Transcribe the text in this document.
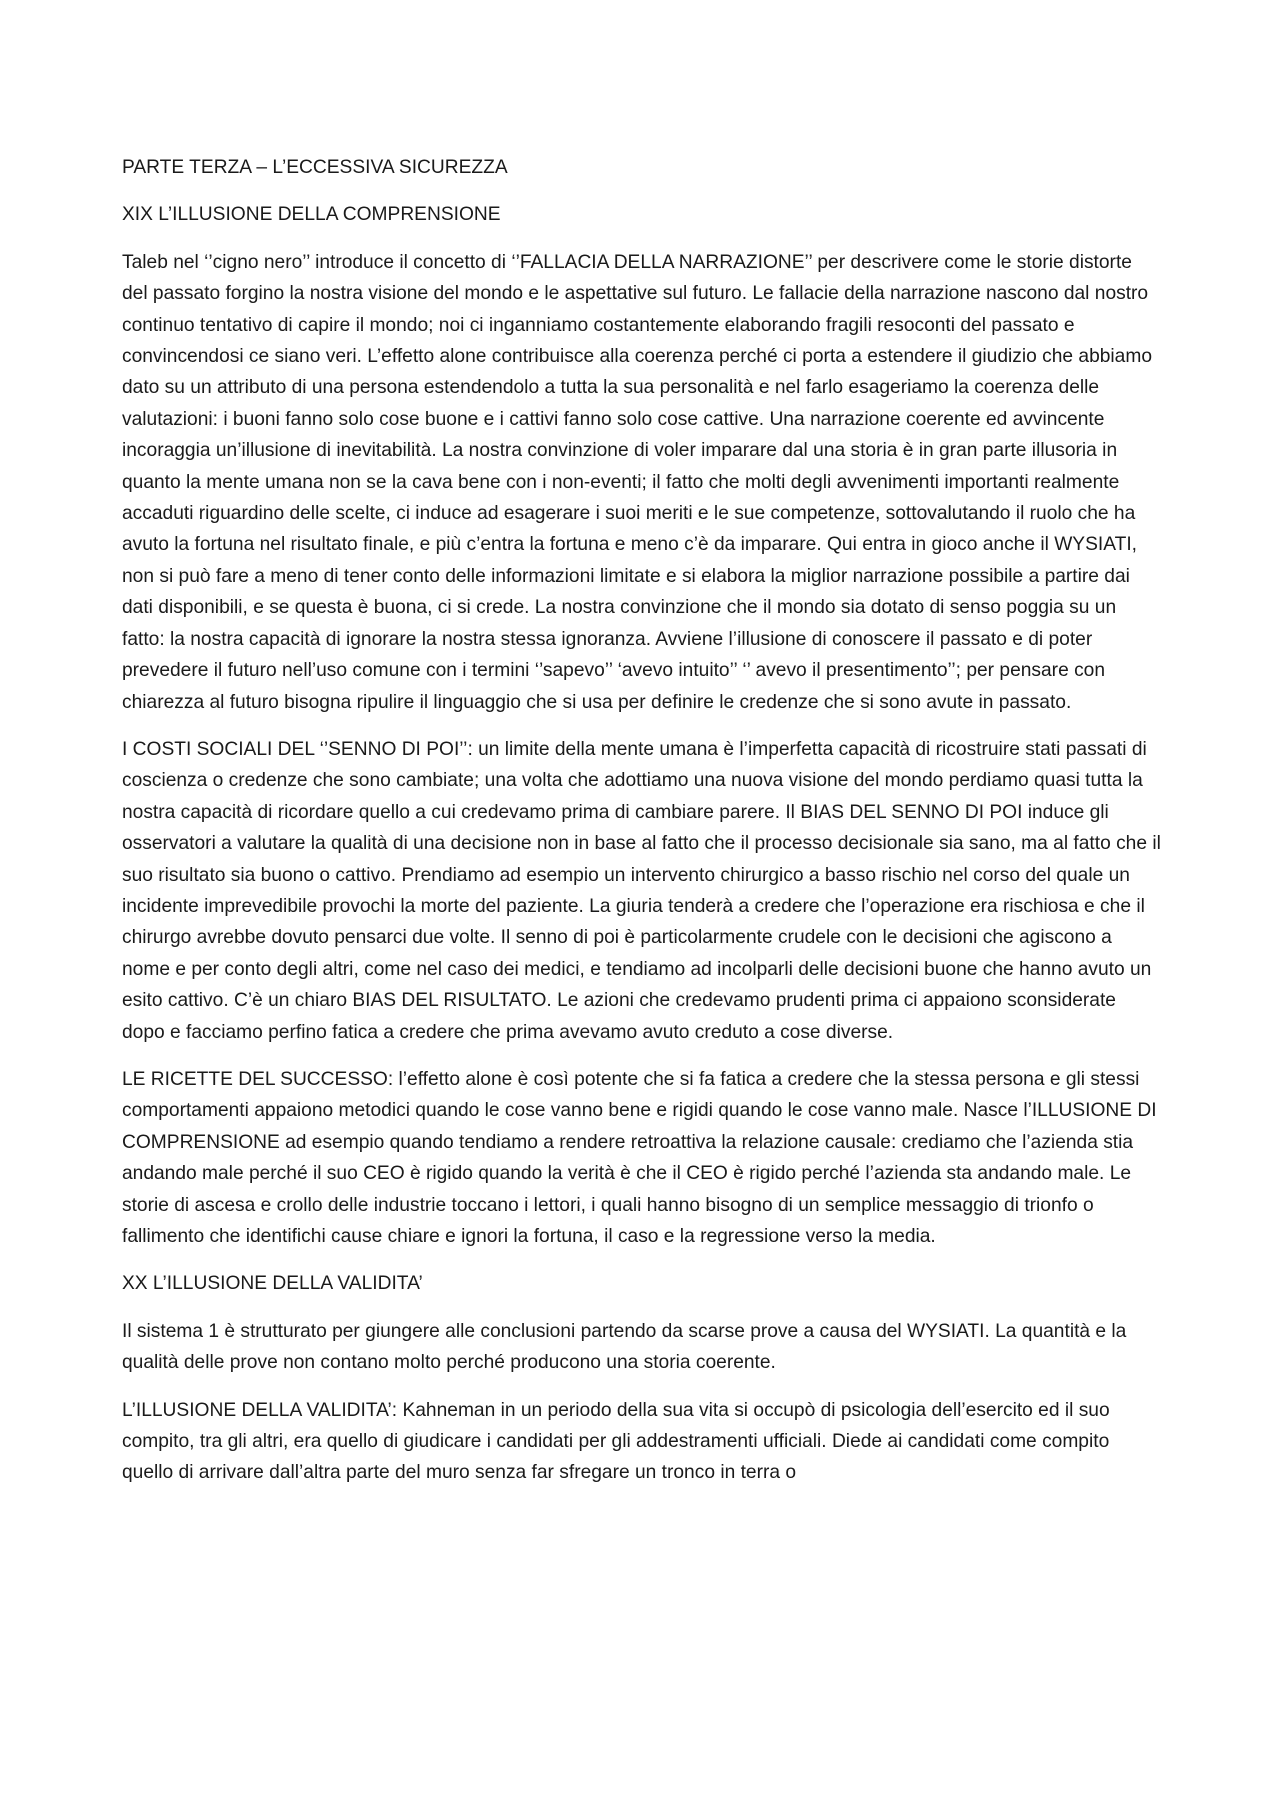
PARTE TERZA – L’ECCESSIVA SICUREZZA

XIX L’ILLUSIONE DELLA COMPRENSIONE

Taleb nel ‘’cigno nero’’ introduce il concetto di ‘’FALLACIA DELLA NARRAZIONE’’ per descrivere come le storie distorte del passato forgino la nostra visione del mondo e le aspettative sul futuro. Le fallacie della narrazione nascono dal nostro continuo tentativo di capire il mondo; noi ci inganniamo costantemente elaborando fragili resoconti del passato e convincendosi ce siano veri. L’effetto alone contribuisce alla coerenza perché ci porta a estendere il giudizio che abbiamo dato su un attributo di una persona estendendolo a tutta la sua personalità e nel farlo esageriamo la coerenza delle valutazioni: i buoni fanno solo cose buone e i cattivi fanno solo cose cattive. Una narrazione coerente ed avvincente incoraggia un’illusione di inevitabilità. La nostra convinzione di voler imparare dal una storia è in gran parte illusoria in quanto la mente umana non se la cava bene con i non-eventi; il fatto che molti degli avvenimenti importanti realmente accaduti riguardino delle scelte, ci induce ad esagerare i suoi meriti e le sue competenze, sottovalutando il ruolo che ha avuto la fortuna nel risultato finale, e più c’entra la fortuna e meno c’è da imparare. Qui entra in gioco anche il WYSIATI, non si può fare a meno di tener conto delle informazioni limitate e si elabora la miglior narrazione possibile a partire dai dati disponibili, e se questa è buona, ci si crede. La nostra convinzione che il mondo sia dotato di senso poggia su un fatto: la nostra capacità di ignorare la nostra stessa ignoranza. Avviene l’illusione di conoscere il passato e di poter prevedere il futuro nell’uso comune con i termini ‘’sapevo’’ ‘avevo intuito’’ ‘’ avevo il presentimento’’; per pensare con chiarezza al futuro bisogna ripulire il linguaggio che si usa per definire le credenze che si sono avute in passato.

I COSTI SOCIALI DEL ‘’SENNO DI POI’’: un limite della mente umana è l’imperfetta capacità di ricostruire stati passati di coscienza o credenze che sono cambiate; una volta che adottiamo una nuova visione del mondo perdiamo quasi tutta la nostra capacità di ricordare quello a cui credevamo prima di cambiare parere. Il BIAS DEL SENNO DI POI induce gli osservatori a valutare la qualità di una decisione non in base al fatto che il processo decisionale sia sano, ma al fatto che il suo risultato sia buono o cattivo. Prendiamo ad esempio un intervento chirurgico a basso rischio nel corso del quale un incidente imprevedibile provochi la morte del paziente. La giuria tenderà a credere che l’operazione era rischiosa e che il chirurgo avrebbe dovuto pensarci due volte. Il senno di poi è particolarmente crudele con le decisioni che agiscono a nome e per conto degli altri, come nel caso dei medici, e tendiamo ad incolparli delle decisioni buone che hanno avuto un esito cattivo. C’è un chiaro BIAS DEL RISULTATO. Le azioni che credevamo prudenti prima ci appaiono sconsiderate dopo e facciamo perfino fatica a credere che prima avevamo avuto creduto a cose diverse.

LE RICETTE DEL SUCCESSO: l’effetto alone è così potente che si fa fatica a credere che la stessa persona e gli stessi comportamenti appaiono metodici quando le cose vanno bene e rigidi quando le cose vanno male. Nasce l’ILLUSIONE DI COMPRENSIONE ad esempio quando tendiamo a rendere retroattiva la relazione causale: crediamo che l’azienda stia andando male perché il suo CEO è rigido quando la verità è che il CEO è rigido perché l’azienda sta andando male. Le storie di ascesa e crollo delle industrie toccano i lettori, i quali hanno bisogno di un semplice messaggio di trionfo o fallimento che identifichi cause chiare e ignori la fortuna, il caso e la regressione verso la media.

XX L’ILLUSIONE DELLA VALIDITA’

Il sistema 1 è strutturato per giungere alle conclusioni partendo da scarse prove a causa del WYSIATI. La quantità e la qualità delle prove non contano molto perché producono una storia coerente.

L’ILLUSIONE DELLA VALIDITA’: Kahneman in un periodo della sua vita si occupò di psicologia dell’esercito ed il suo compito, tra gli altri, era quello di giudicare i candidati per gli addestramenti ufficiali. Diede ai candidati come compito quello di arrivare dall’altra parte del muro senza far sfregare un tronco in terra o
